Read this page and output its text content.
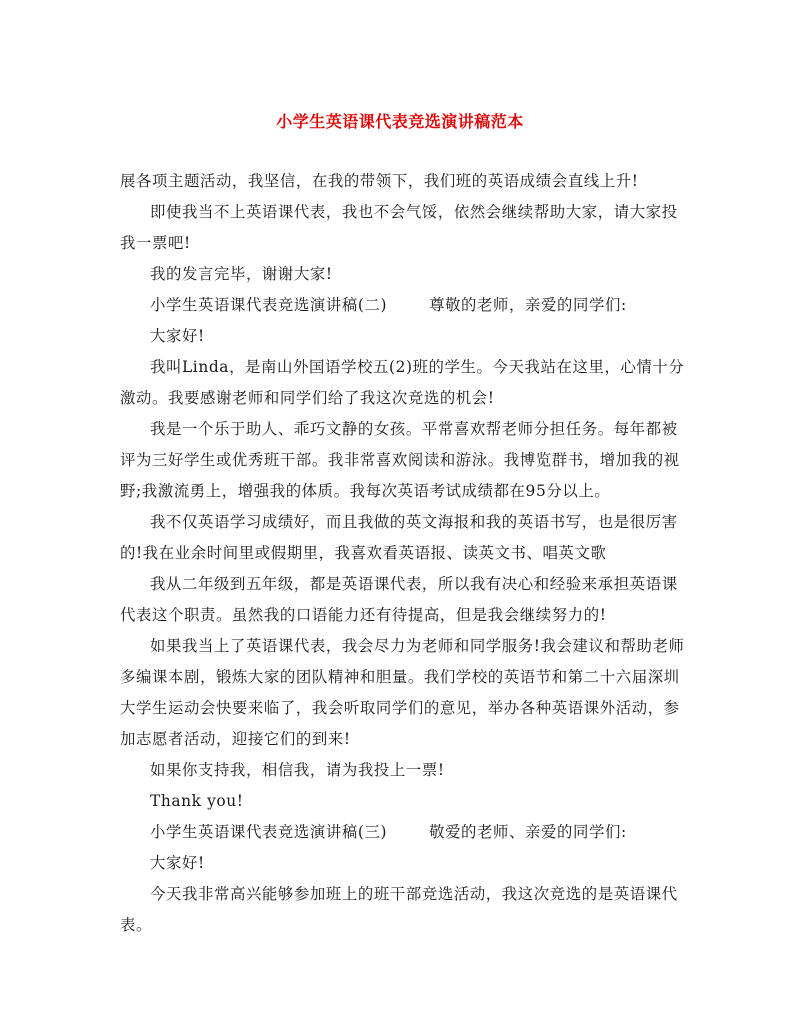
小学生英语课代表竞选演讲稿范本
展各项主题活动，我坚信，在我的带领下，我们班的英语成绩会直线上升!
即使我当不上英语课代表，我也不会气馁，依然会继续帮助大家，请大家投
我一票吧!
我的发言完毕，谢谢大家!
小学生英语课代表竞选演讲稿(二)	尊敬的老师，亲爱的同学们:
大家好!
我叫Linda，是南山外国语学校五(2)班的学生。今天我站在这里，心情十分
激动。我要感谢老师和同学们给了我这次竞选的机会!
我是一个乐于助人、乖巧文静的女孩。平常喜欢帮老师分担任务。每年都被
评为三好学生或优秀班干部。我非常喜欢阅读和游泳。我博览群书，增加我的视
野;我激流勇上，增强我的体质。我每次英语考试成绩都在95分以上。
我不仅英语学习成绩好，而且我做的英文海报和我的英语书写，也是很厉害
的!我在业余时间里或假期里，我喜欢看英语报、读英文书、唱英文歌
我从二年级到五年级，都是英语课代表，所以我有决心和经验来承担英语课
代表这个职责。虽然我的口语能力还有待提高，但是我会继续努力的!
如果我当上了英语课代表，我会尽力为老师和同学服务!我会建议和帮助老师
多编课本剧，锻炼大家的团队精神和胆量。我们学校的英语节和第二十六届深圳
大学生运动会快要来临了，我会听取同学们的意见，举办各种英语课外活动，参
加志愿者活动，迎接它们的到来!
如果你支持我，相信我，请为我投上一票!
Thank you!
小学生英语课代表竞选演讲稿(三)	敬爱的老师、亲爱的同学们:
大家好!
今天我非常高兴能够参加班上的班干部竞选活动，我这次竞选的是英语课代
表。
